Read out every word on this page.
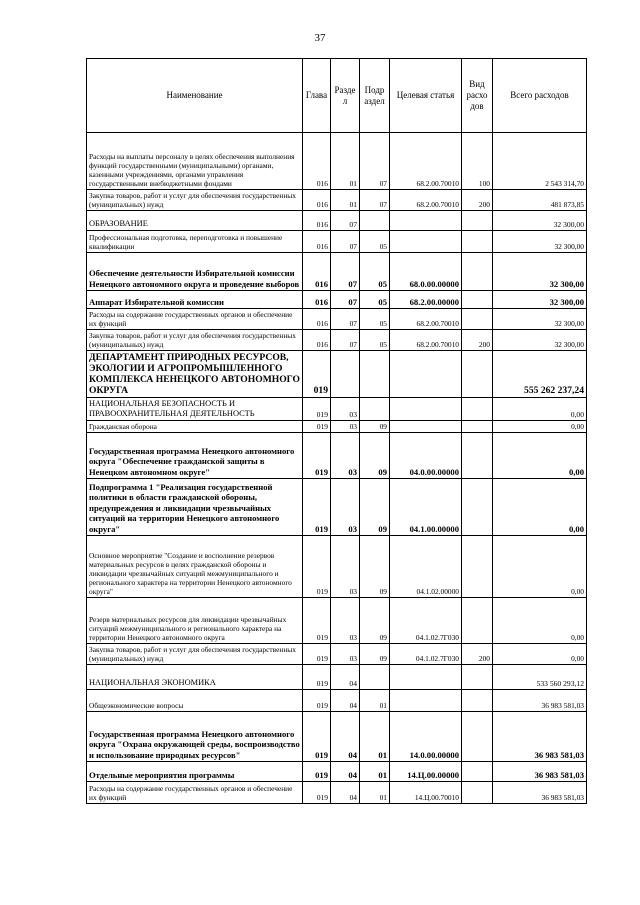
37
Наименование	Глава	Разде л	Подр аздел	Целевая статья	Вид расхо дов	Всего расходов
Расходы на выплаты персоналу в целях обеспечения выполнения функций государственными (муниципальными) органами, казенными учреждениями, органами управления государственными внебюджетными фондами	016	01	07	68.2.00.70010	100	2 543 314,70
Закупка товаров, работ и услуг для обеспечения государственных (муниципальных) нужд	016	01	07	68.2.00.70010	200	481 873,85
ОБРАЗОВАНИЕ	016	07				32 300,00
Профессиональная подготовка, переподготовка и повышение квалификации	016	07	05			32 300,00
Обеспечение деятельности Избирательной комиссии Ненецкого автономного округа и проведение выборов	016	07	05	68.0.00.00000		32 300,00
Аппарат Избирательной комиссии	016	07	05	68.2.00.00000		32 300,00
Расходы на содержание государственных органов и обеспечение их функций	016	07	05	68.2.00.70010		32 300,00
Закупка товаров, работ и услуг для обеспечения государственных (муниципальных) нужд	016	07	05	68.2.00.70010	200	32 300,00
ДЕПАРТАМЕНТ ПРИРОДНЫХ РЕСУРСОВ, ЭКОЛОГИИ И АГРОПРОМЫШЛЕННОГО КОМПЛЕКСА НЕНЕЦКОГО АВТОНОМНОГО ОКРУГА	019					555 262 237,24
НАЦИОНАЛЬНАЯ БЕЗОПАСНОСТЬ И ПРАВООХРАНИТЕЛЬНАЯ ДЕЯТЕЛЬНОСТЬ	019	03				0,00
Гражданская оборона	019	03	09			0,00
Государственная программа Ненецкого автономного округа "Обеспечение гражданской защиты в Ненецком автономном округе"	019	03	09	04.0.00.00000		0,00
Подпрограмма 1 "Реализация государственной политики в области гражданской обороны, предупреждения и ликвидации чрезвычайных ситуаций на территории Ненецкого автономного округа"	019	03	09	04.1.00.00000		0,00
Основное мероприятие "Создание и восполнение резервов материальных ресурсов в целях гражданской обороны и ликвидации чрезвычайных ситуаций межмуниципального и регионального характера на территории Ненецкого автономного округа"	019	03	09	04.1.02.00000		0,00
Резерв материальных ресурсов для ликвидации чрезвычайных ситуаций межмуниципального и регионального характера на территории Ненецкого автономного округа	019	03	09	04.1.02.7Г030		0,00
Закупка товаров, работ и услуг для обеспечения государственных (муниципальных) нужд	019	03	09	04.1.02.7Г030	200	0,00
НАЦИОНАЛЬНАЯ ЭКОНОМИКА	019	04				533 560 293,12
Общеэкономические вопросы	019	04	01			36 983 581,03
Государственная программа Ненецкого автономного округа "Охрана окружающей среды, воспроизводство и использование природных ресурсов"	019	04	01	14.0.00.00000		36 983 581,03
Отдельные мероприятия программы	019	04	01	14.Ц.00.00000		36 983 581,03
Расходы на содержание государственных органов и обеспечение их функций	019	04	01	14.Ц.00.70010		36 983 581,03
